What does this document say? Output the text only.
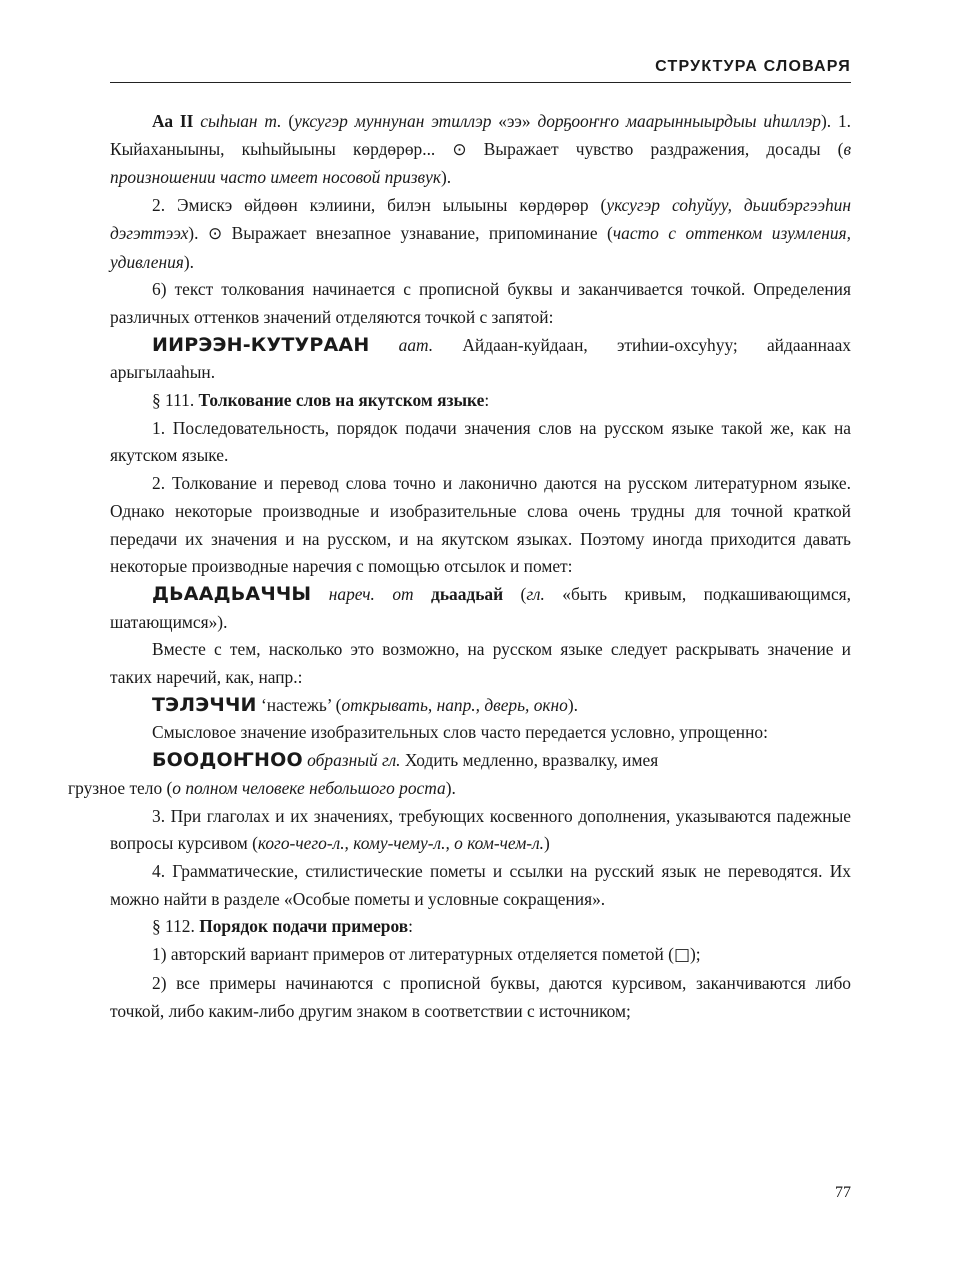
СТРУКТУРА СЛОВАРЯ

Аа II сыһыан т. (уксугэр муннунан этиллэр «ээ» дорҕооҥҥо маарынныырдыы иһиллэр). 1. Кыйаханыыны, кыһыйыыны көрдөрөр... ⊙ Выражает чувство раздражения, досады (в произношении часто имеет носовой призвук).

2. Эмискэ өйдөөн кэлиини, билэн ылыыны көрдөрөр (уксугэр соһуйуу, дьиибэргээһин дэгэттээх). ⊙ Выражает внезапное узнавание, припоминание (часто с оттенком изумления, удивления).

6) текст толкования начинается с прописной буквы и заканчивается точкой. Определения различных оттенков значений отделяются точкой с запятой:

ИИРЭЭН-КУТУРААН аат. Айдаан-куйдаан, этиһии-охсуһуу; айдааннаах арыгылааһын.

§ 111. Толкование слов на якутском языке:

1. Последовательность, порядок подачи значения слов на русском языке такой же, как на якутском языке.

2. Толкование и перевод слова точно и лаконично даются на русском литературном языке. Однако некоторые производные и изобразительные слова очень трудны для точной краткой передачи их значения и на русском, и на якутском языках. Поэтому иногда приходится давать некоторые производные наречия с помощью отсылок и помет:

ДЬААДЬАЧЧЫ нареч. от дьаадьай (гл. «быть кривым, подкашивающимся, шатающимся»).

Вместе с тем, насколько это возможно, на русском языке следует раскрывать значение и таких наречий, как, напр.:

ТЭЛЭЧЧИ ‘настежь’ (открывать, напр., дверь, окно).

Смысловое значение изобразительных слов часто передается условно, упрощенно:

БООДОҤНОО образный гл. Ходить медленно, вразвалку, имея
грузное тело (о полном человеке небольшого роста).

3. При глаголах и их значениях, требующих косвенного дополнения, указываются падежные вопросы курсивом (кого-чего-л., кому-чему-л., о ком-чем-л.)

4. Грамматические, стилистические пометы и ссылки на русский язык не переводятся. Их можно найти в разделе «Особые пометы и условные сокращения».

§ 112. Порядок подачи примеров:

1) авторский вариант примеров от литературных отделяется пометой (□);

2) все примеры начинаются с прописной буквы, даются курсивом, заканчиваются либо точкой, либо каким-либо другим знаком в соответствии с источником;

77
